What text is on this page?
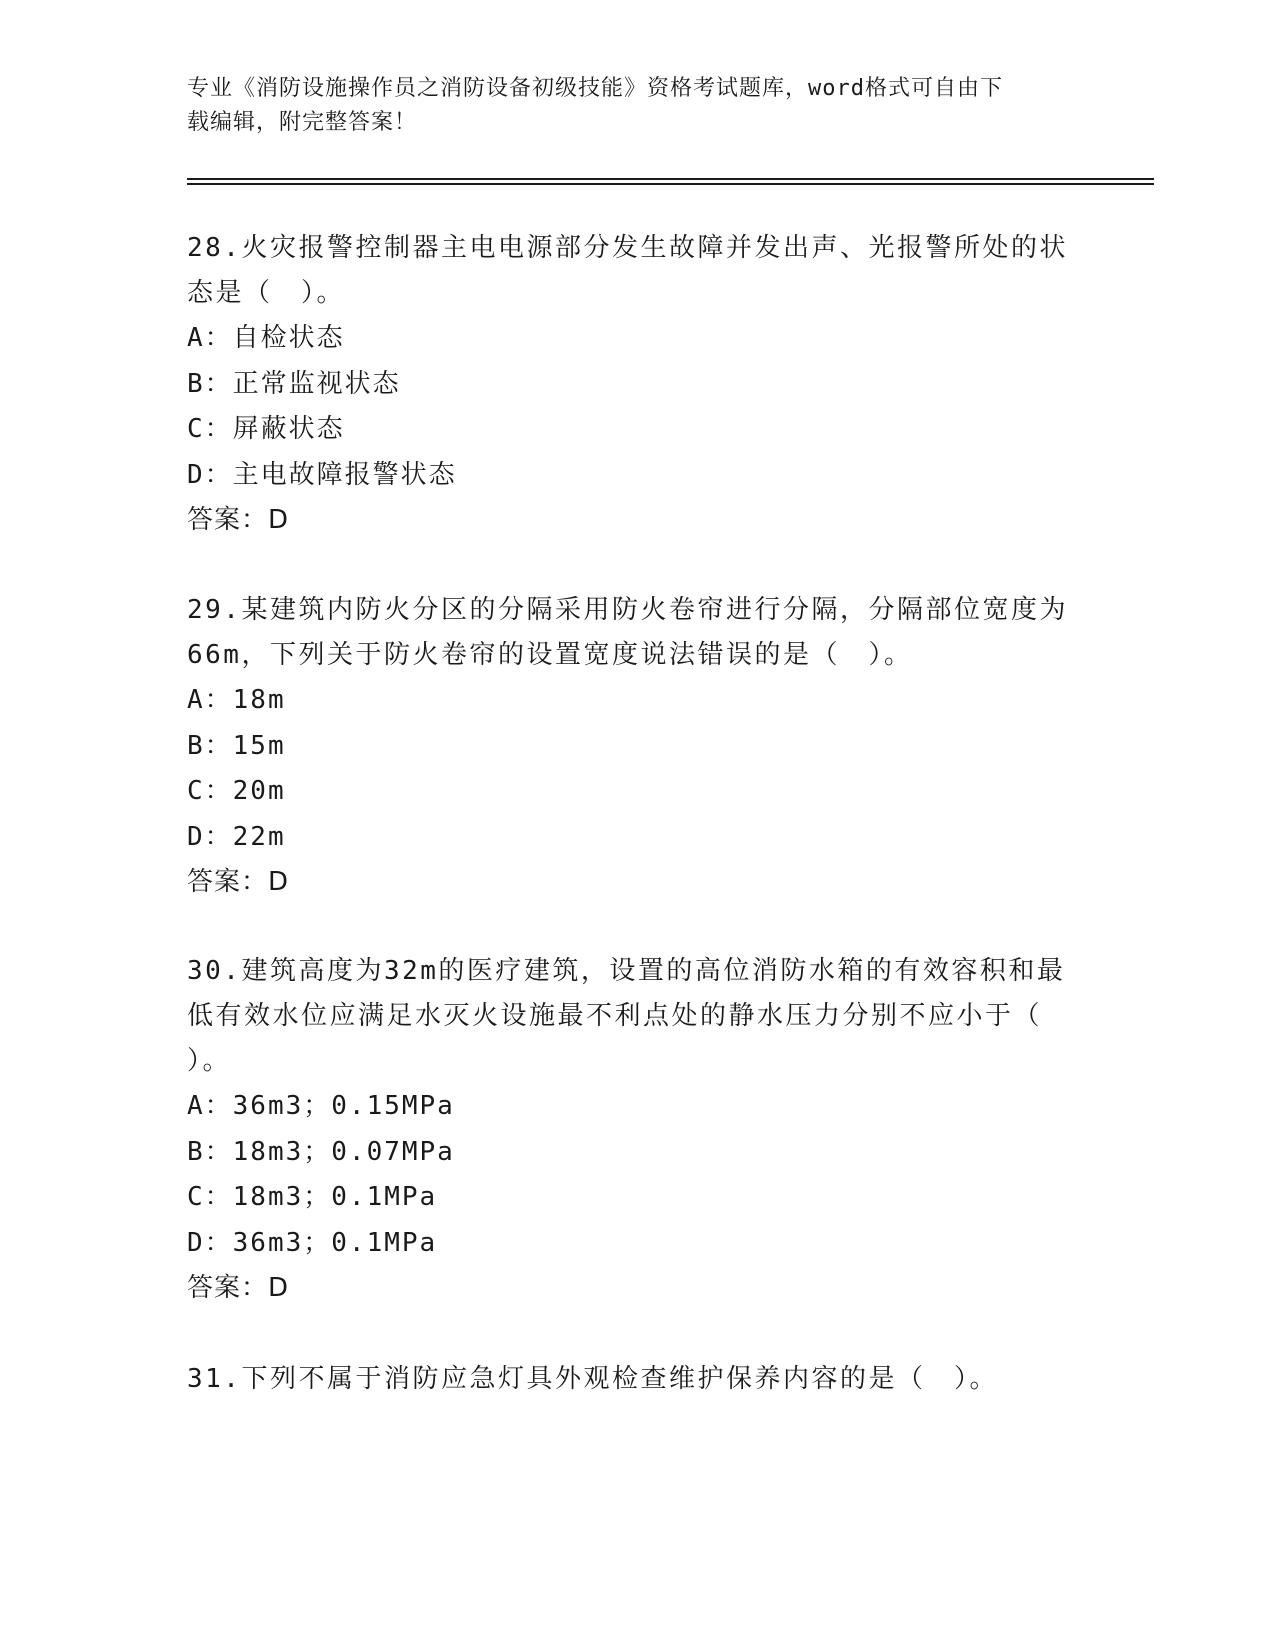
专业《消防设施操作员之消防设备初级技能》资格考试题库，word格式可自由下
载编辑，附完整答案！
28.火灾报警控制器主电电源部分发生故障并发出声、光报警所处的状
态是（　）。
A：自检状态
B：正常监视状态
C：屏蔽状态
D：主电故障报警状态
答案：D
29.某建筑内防火分区的分隔采用防火卷帘进行分隔，分隔部位宽度为
66m，下列关于防火卷帘的设置宽度说法错误的是（　）。
A：18m
B：15m
C：20m
D：22m
答案：D
30.建筑高度为32m的医疗建筑，设置的高位消防水箱的有效容积和最
低有效水位应满足水灭火设施最不利点处的静水压力分别不应小于（
）。
A：36m3；0.15MPa
B：18m3；0.07MPa
C：18m3；0.1MPa
D：36m3；0.1MPa
答案：D
31.下列不属于消防应急灯具外观检查维护保养内容的是（　）。
